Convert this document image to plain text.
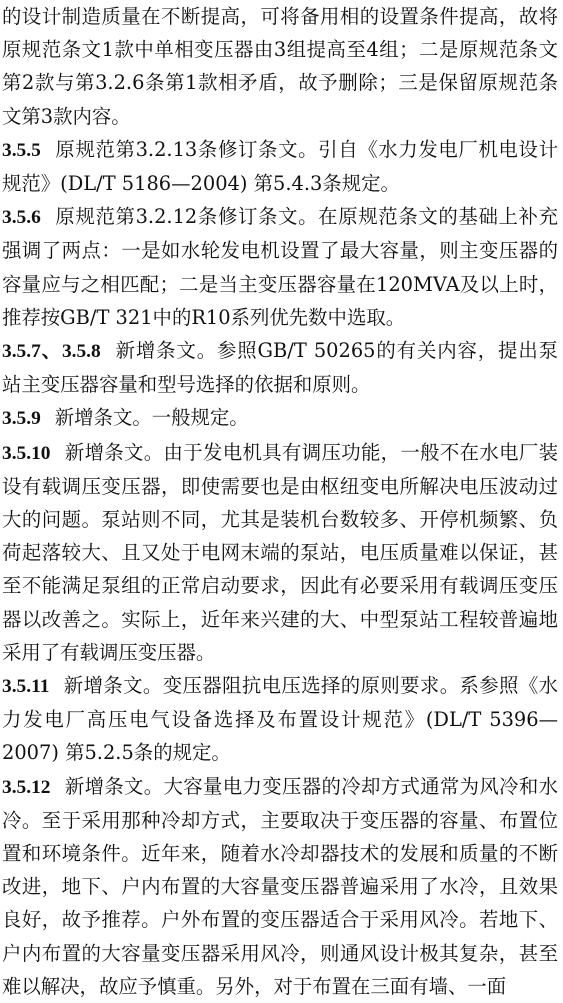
的设计制造质量在不断提高，可将备用相的设置条件提高，故将原规范条文1款中单相变压器由3组提高至4组；二是原规范条文第2款与第3.2.6条第1款相矛盾，故予删除；三是保留原规范条文第3款内容。

3.5.5 原规范第3.2.13条修订条文。引自《水力发电厂机电设计规范》(DL/T 5186—2004) 第5.4.3条规定。

3.5.6 原规范第3.2.12条修订条文。在原规范条文的基础上补充强调了两点：一是如水轮发电机设置了最大容量，则主变压器的容量应与之相匹配；二是当主变压器容量在120MVA及以上时，推荐按GB/T 321中的R10系列优先数中选取。

3.5.7、3.5.8 新增条文。参照GB/T 50265的有关内容，提出泵站主变压器容量和型号选择的依据和原则。

3.5.9 新增条文。一般规定。

3.5.10 新增条文。由于发电机具有调压功能，一般不在水电厂装设有载调压变压器，即使需要也是由枢纽变电所解决电压波动过大的问题。泵站则不同，尤其是装机台数较多、开停机频繁、负荷起落较大、且又处于电网末端的泵站，电压质量难以保证，甚至不能满足泵组的正常启动要求，因此有必要采用有载调压变压器以改善之。实际上，近年来兴建的大、中型泵站工程较普遍地采用了有载调压变压器。

3.5.11 新增条文。变压器阻抗电压选择的原则要求。系参照《水力发电厂高压电气设备选择及布置设计规范》(DL/T 5396—2007) 第5.2.5条的规定。

3.5.12 新增条文。大容量电力变压器的冷却方式通常为风冷和水冷。至于采用那种冷却方式，主要取决于变压器的容量、布置位置和环境条件。近年来，随着水冷却器技术的发展和质量的不断改进，地下、户内布置的大容量变压器普遍采用了水冷，且效果良好，故予推荐。户外布置的变压器适合于采用风冷。若地下、户内布置的大容量变压器采用风冷，则通风设计极其复杂，甚至难以解决，故应予慎重。另外，对于布置在三面有墙、一面
